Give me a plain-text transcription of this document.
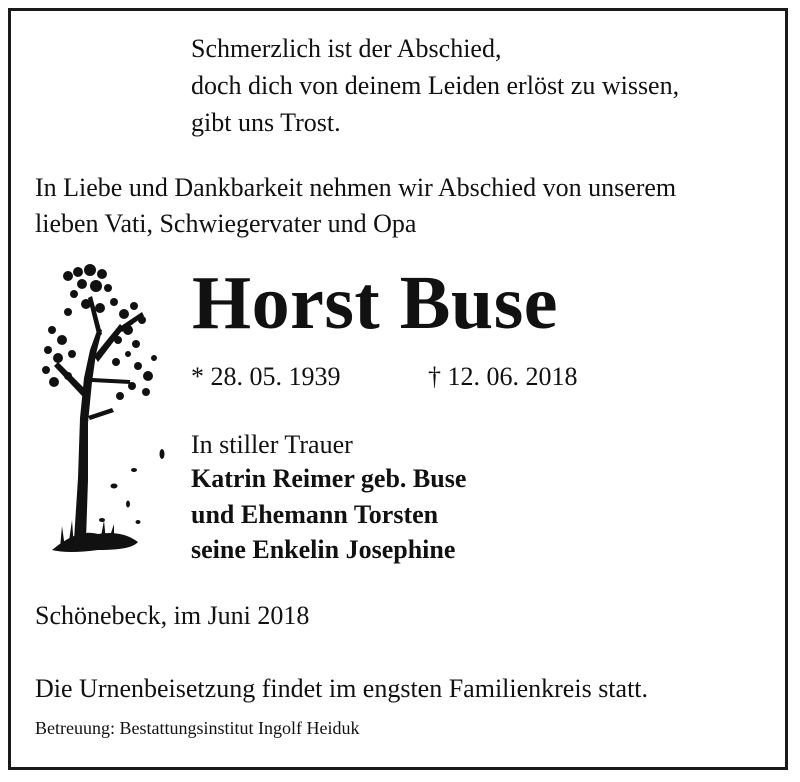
Schmerzlich ist der Abschied,
doch dich von deinem Leiden erlöst zu wissen,
gibt uns Trost.
In Liebe und Dankbarkeit nehmen wir Abschied von unserem
lieben Vati, Schwiegervater und Opa
Horst Buse
* 28. 05. 1939	† 12. 06. 2018
In stiller Trauer
Katrin Reimer geb. Buse
und Ehemann Torsten
seine Enkelin Josephine
Schönebeck, im Juni 2018
Die Urnenbeisetzung findet im engsten Familienkreis statt.
Betreuung: Bestattungsinstitut Ingolf Heiduk
